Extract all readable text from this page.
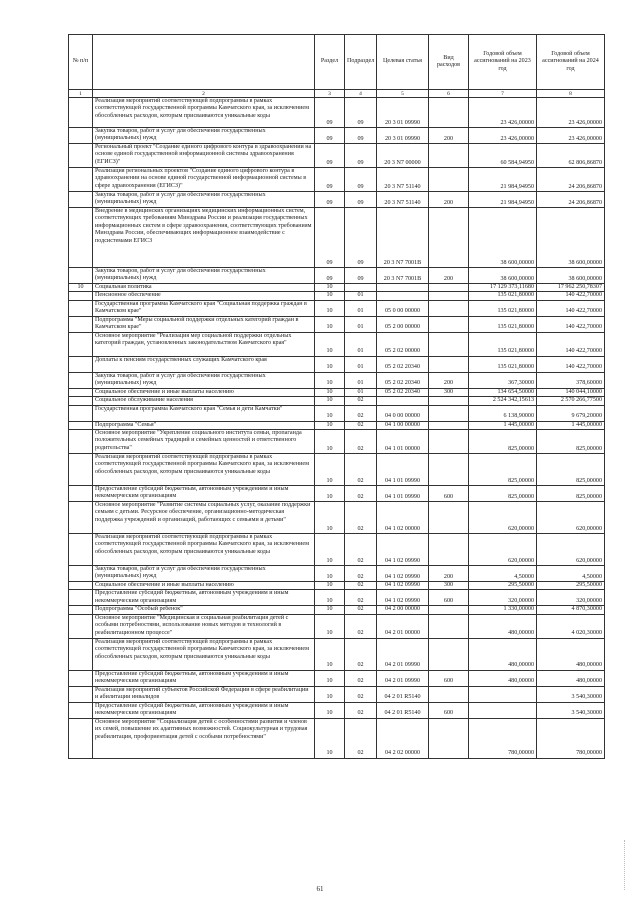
№ п/п		Раздел	Подраздел	Целевая статья	Вид расходов	Годовой объем ассигнований на 2023 год	Годовой объем ассигнований на 2024 год
1	2	3	4	5	6	7	8
	Реализация мероприятий соответствующей подпрограммы в рамках соответствующей государственной программы Камчатского края, за исключением обособленных расходов, которым присваиваются уникальные коды	09	09	20 3 01 09990		23 426,00000	23 426,00000
	Закупка товаров, работ и услуг для обеспечения государственных (муниципальных) нужд	09	09	20 3 01 09990	200	23 426,00000	23 426,00000
	Региональный проект "Создание единого цифрового контура в здравоохранении на основе единой государственной информационной системы здравоохранения (ЕГИСЗ)"	09	09	20 3 N7 00000		60 584,94950	62 806,86870
	Реализация региональных проектов "Создание единого цифрового контура в здравоохранении на основе единой государственной информационной системы в сфере здравоохранения (ЕГИСЗ)"	09	09	20 3 N7 51140		21 984,94950	24 206,86870
	Закупка товаров, работ и услуг для обеспечения государственных (муниципальных) нужд	09	09	20 3 N7 51140	200	21 984,94950	24 206,86870
	Внедрение в медицинских организациях медицинских информационных систем, соответствующих требованиям Минздрава России и реализация государственных информационных систем в сфере здравоохранения, соответствующих требованиям Минздрава России, обеспечивающих информационное взаимодействие с подсистемами ЕГИСЗ	09	09	20 3 N7 7001В		38 600,00000	38 600,00000
	Закупка товаров, работ и услуг для обеспечения государственных (муниципальных) нужд	09	09	20 3 N7 7001В	200	38 600,00000	38 600,00000
10	Социальная политика	10				17 129 373,11680	17 962 250,78307
	Пенсионное обеспечение	10	01			135 021,80000	140 422,70000
	Государственная программа Камчатского края "Социальная поддержка граждан в Камчатском крае"	10	01	05 0 00 00000		135 021,80000	140 422,70000
	Подпрограмма "Меры социальной поддержки отдельных категорий граждан в Камчатском крае"	10	01	05 2 00 00000		135 021,80000	140 422,70000
	Основное мероприятие "Реализация мер социальной поддержки отдельных категорий граждан, установленных законодательством Камчатского края"	10	01	05 2 02 00000		135 021,80000	140 422,70000
	Доплаты к пенсиям государственных служащих Камчатского края	10	01	05 2 02 20340		135 021,80000	140 422,70000
	Закупка товаров, работ и услуг для обеспечения государственных (муниципальных) нужд	10	01	05 2 02 20340	200	367,30000	378,60000
	Социальное обеспечение и иные выплаты населению	10	01	05 2 02 20340	300	134 654,50000	140 044,10000
	Социальное обслуживание населения	10	02			2 524 342,15613	2 570 266,77500
	Государственная программа Камчатского края "Семья и дети Камчатки"	10	02	04 0 00 00000		6 138,90000	9 679,20000
	Подпрограмма "Семья"	10	02	04 1 00 00000		1 445,00000	1 445,00000
	Основное мероприятие "Укрепление социального института семьи, пропаганда положительных семейных традиций и семейных ценностей и ответственного родительства"	10	02	04 1 01 00000		825,00000	825,00000
	Реализация мероприятий соответствующей подпрограммы в рамках соответствующей государственной программы Камчатского края, за исключением обособленных расходов, которым присваиваются уникальные коды	10	02	04 1 01 09990		825,00000	825,00000
	Предоставление субсидий бюджетным, автономным учреждениям и иным некоммерческим организациям	10	02	04 1 01 09990	600	825,00000	825,00000
	Основное мероприятие "Развитие системы социальных услуг, оказание поддержки семьям с детьми. Ресурсное обеспечение, организационно-методическая поддержка учреждений и организаций, работающих с семьями и детьми"	10	02	04 1 02 00000		620,00000	620,00000
	Реализация мероприятий соответствующей подпрограммы в рамках соответствующей государственной программы Камчатского края, за исключением обособленных расходов, которым присваиваются уникальные коды	10	02	04 1 02 09990		620,00000	620,00000
	Закупка товаров, работ и услуг для обеспечения государственных (муниципальных) нужд	10	02	04 1 02 09990	200	4,50000	4,50000
	Социальное обеспечение и иные выплаты населению	10	02	04 1 02 09990	300	295,50000	295,50000
	Предоставление субсидий бюджетным, автономным учреждениям и иным некоммерческим организациям	10	02	04 1 02 09990	600	320,00000	320,00000
	Подпрограмма "Особый ребенок"	10	02	04 2 00 00000		1 330,00000	4 870,30000
	Основное мероприятие "Медицинская и социальная реабилитация детей с особыми потребностями, использование новых методов и технологий в реабилитационном процессе"	10	02	04 2 01 00000		480,00000	4 020,30000
	Реализация мероприятий соответствующей подпрограммы в рамках соответствующей государственной программы Камчатского края, за исключением обособленных расходов, которым присваиваются уникальные коды	10	02	04 2 01 09990		480,00000	480,00000
	Предоставление субсидий бюджетным, автономным учреждениям и иным некоммерческим организациям	10	02	04 2 01 09990	600	480,00000	480,00000
	Реализация мероприятий субъектов Российской Федерации в сфере реабилитации и абилитации инвалидов	10	02	04 2 01 R5140			3 540,30000
	Предоставление субсидий бюджетным, автономным учреждениям и иным некоммерческим организациям	10	02	04 2 01 R5140	600		3 540,30000
	Основное мероприятие "Социализация детей с особенностями развития и членов их семей, повышение их адаптивных возможностей. Социокультурная и трудовая реабилитация, профориентация детей с особыми потребностями"	10	02	04 2 02 00000		780,00000	780,00000
61
